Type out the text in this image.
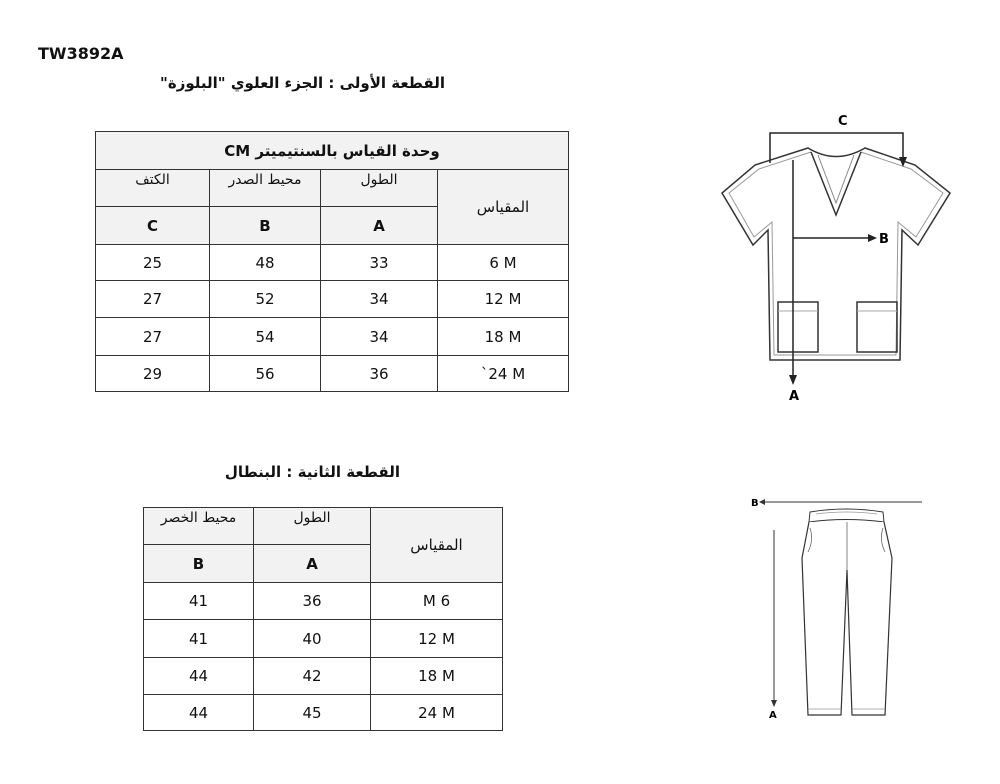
TW3892A
القطعة الأولى : الجزء العلوي "البلوزة"
وحدة القياس بالسنتيميتر CM			
الكتف	محيط الصدر	الطول	المقياس
C	B	A	
25	48	33	6 M
27	52	34	12 M
27	54	34	18 M
29	56	36	`24 M
القطعة الثانية : البنطال
محيط الخصر	الطول	المقياس
B	A	
41	36	M 6
41	40	12 M
44	42	18 M
44	45	24 M
C
B
A
B
A
